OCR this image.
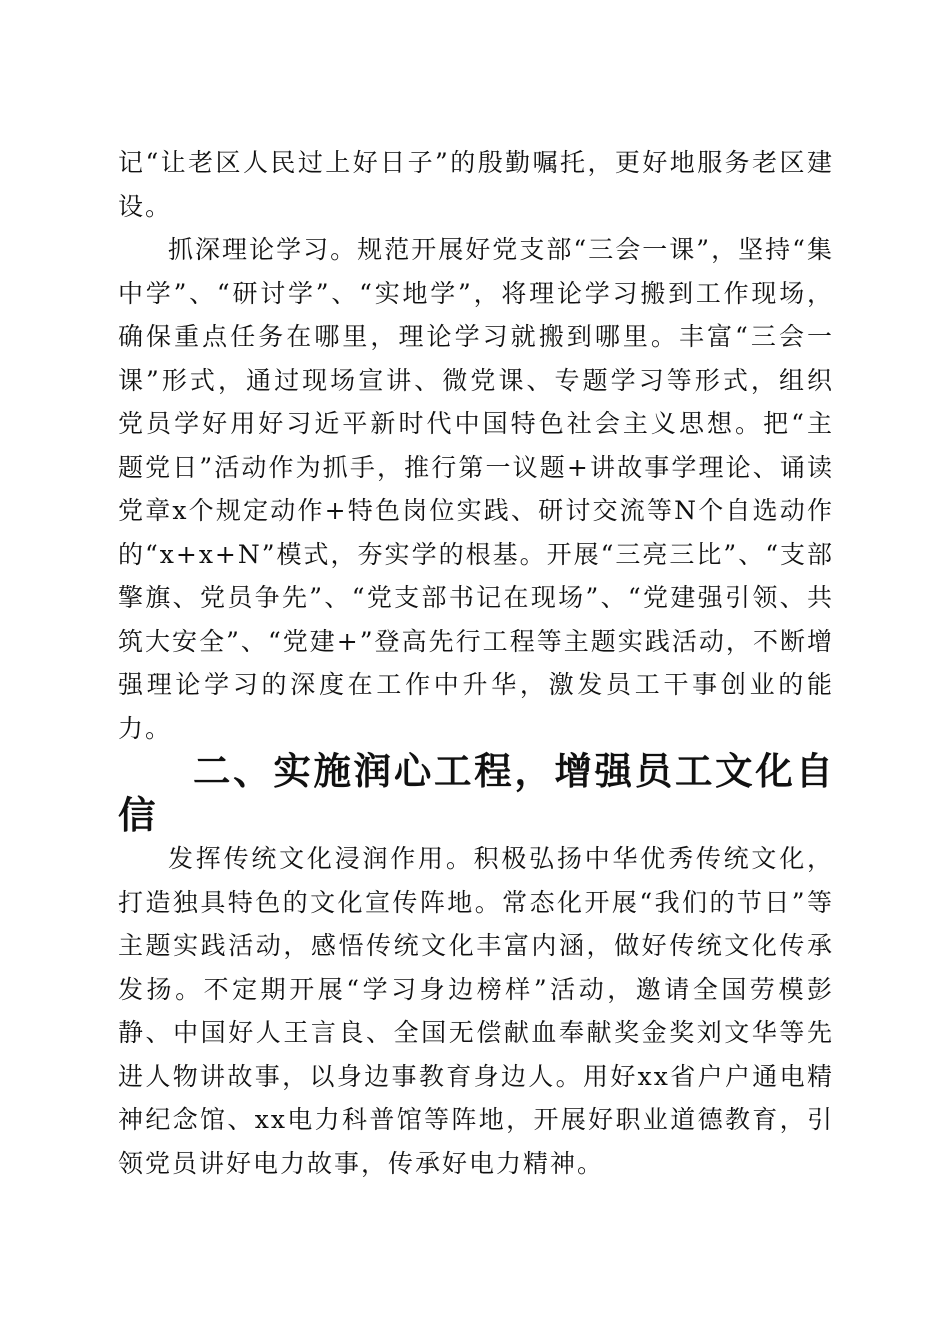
记“让老区人民过上好日子”的殷勤嘱托，更好地服务老区建设。

抓深理论学习。规范开展好党支部“三会一课”，坚持“集中学”、“研讨学”、“实地学”，将理论学习搬到工作现场，确保重点任务在哪里，理论学习就搬到哪里。丰富“三会一课”形式，通过现场宣讲、微党课、专题学习等形式，组织党员学好用好习近平新时代中国特色社会主义思想。把“主题党日”活动作为抓手，推行第一议题+讲故事学理论、诵读党章x个规定动作+特色岗位实践、研讨交流等N个自选动作的“x+x+N”模式，夯实学的根基。开展“三亮三比”、“支部擎旗、党员争先”、“党支部书记在现场”、“党建强引领、共筑大安全”、“党建+”登高先行工程等主题实践活动，不断增强理论学习的深度在工作中升华，激发员工干事创业的能力。

二、实施润心工程，增强员工文化自信

发挥传统文化浸润作用。积极弘扬中华优秀传统文化，打造独具特色的文化宣传阵地。常态化开展“我们的节日”等主题实践活动，感悟传统文化丰富内涵，做好传统文化传承发扬。不定期开展“学习身边榜样”活动，邀请全国劳模彭静、中国好人王言良、全国无偿献血奉献奖金奖刘文华等先进人物讲故事，以身边事教育身边人。用好xx省户户通电精神纪念馆、xx电力科普馆等阵地，开展好职业道德教育，引领党员讲好电力故事，传承好电力精神。
